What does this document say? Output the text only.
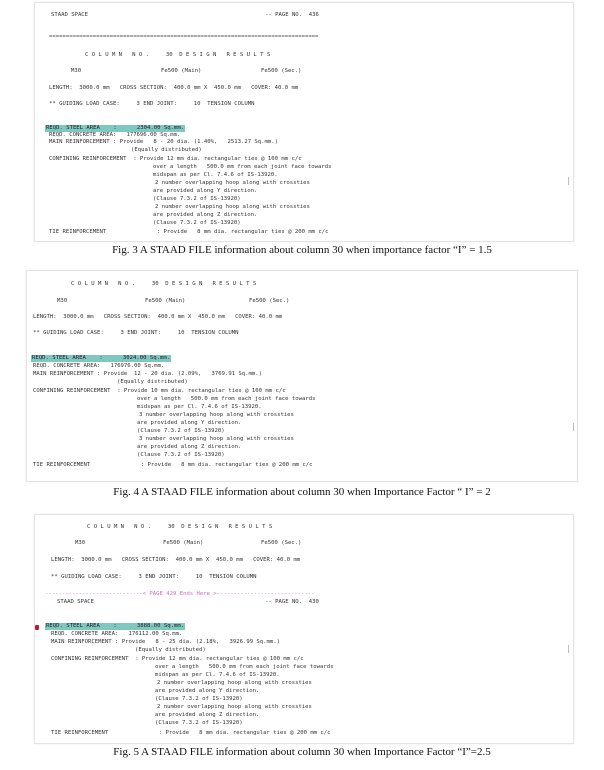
STAAD SPACE	-- PAGE NO.  436
================================================================================
C O L U M N   N O .     30  D E S I G N   R E S U L T S
M30	Fe500 (Main)	Fe500 (Sec.)
LENGTH:  3000.0 mm   CROSS SECTION:  400.0 mm X  450.0 mm   COVER: 40.0 mm
** GUIDING LOAD CASE:     3 END JOINT:     10  TENSION COLUMN
REQD. STEEL AREA    :      2304.00 Sq.mm.
REQD. CONCRETE AREA:   177696.00 Sq.mm.
MAIN REINFORCEMENT : Provide   8 - 20 dia. (1.40%,   2513.27 Sq.mm.)
(Equally distributed)
CONFINING REINFORCEMENT  : Provide 12 mm dia. rectangular ties @ 100 mm c/c
over a length   500.0 mm from each joint face towards
midspan as per Cl. 7.4.6 of IS-13920.
2 number overlapping hoop along with crossties
are provided along Y direction.
(Clause 7.3.2 of IS-13920)
2 number overlapping hoop along with crossties
are provided along Z direction.
(Clause 7.3.2 of IS-13920)
TIE REINFORCEMENT               : Provide   8 mm dia. rectangular ties @ 200 mm c/c
Fig. 3 A STAAD FILE information about column 30 when importance factor “I” = 1.5
C O L U M N   N O .     30  D E S I G N   R E S U L T S
M30	Fe500 (Main)	Fe500 (Sec.)
LENGTH:  3000.0 mm   CROSS SECTION:  400.0 mm X  450.0 mm   COVER: 40.0 mm
** GUIDING LOAD CASE:     3 END JOINT:     10  TENSION COLUMN
REQD. STEEL AREA    :      3024.00 Sq.mm.
REQD. CONCRETE AREA:   176976.00 Sq.mm.
MAIN REINFORCEMENT : Provide  12 - 20 dia. (2.09%,   3769.91 Sq.mm.)
(Equally distributed)
CONFINING REINFORCEMENT  : Provide 10 mm dia. rectangular ties @ 100 mm c/c
over a length   500.0 mm from each joint face towards
midspan as per Cl. 7.4.6 of IS-13920.
3 number overlapping hoop along with crossties
are provided along Y direction.
(Clause 7.3.2 of IS-13920)
3 number overlapping hoop along with crossties
are provided along Z direction.
(Clause 7.3.2 of IS-13920)
TIE REINFORCEMENT               : Provide   8 mm dia. rectangular ties @ 200 mm c/c
Fig. 4 A STAAD FILE information about column 30 when Importance Factor “ I” = 2
C O L U M N   N O .     30  D E S I G N   R E S U L T S
M30	Fe500 (Main)	Fe500 (Sec.)
LENGTH:  3000.0 mm   CROSS SECTION:  400.0 mm X  450.0 mm   COVER: 40.0 mm
** GUIDING LOAD CASE:     3 END JOINT:     10  TENSION COLUMN
-----------------------------< PAGE 429 Ends Here >-----------------------------
STAAD SPACE	-- PAGE NO.  430
REQD. STEEL AREA    :      3888.00 Sq.mm.
REQD. CONCRETE AREA:   176112.00 Sq.mm.
MAIN REINFORCEMENT : Provide   8 - 25 dia. (2.18%,   3926.99 Sq.mm.)
(Equally distributed)
CONFINING REINFORCEMENT  : Provide 12 mm dia. rectangular ties @ 100 mm c/c
over a length   500.0 mm from each joint face towards
midspan as per Cl. 7.4.6 of IS-13920.
2 number overlapping hoop along with crossties
are provided along Y direction.
(Clause 7.3.2 of IS-13920)
2 number overlapping hoop along with crossties
are provided along Z direction.
(Clause 7.3.2 of IS-13920)
TIE REINFORCEMENT               : Provide   8 mm dia. rectangular ties @ 200 mm c/c
Fig. 5 A STAAD FILE information about column 30 when Importance Factor “I”=2.5
